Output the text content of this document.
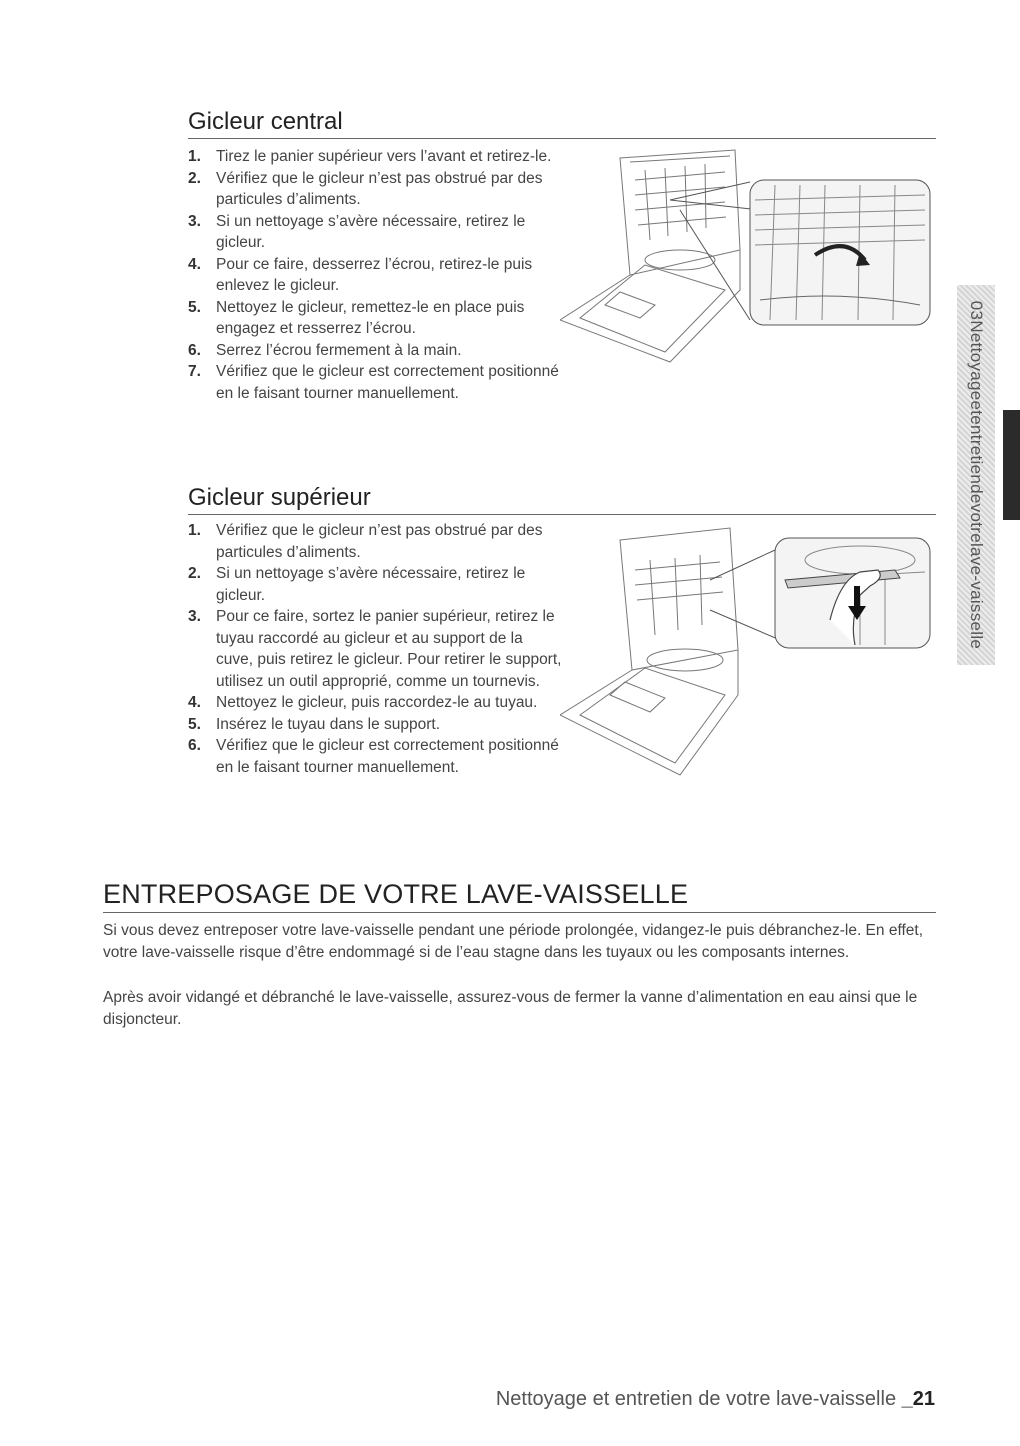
Gicleur central
1. Tirez le panier supérieur vers l’avant et retirez-le.
2. Vérifiez que le gicleur n’est pas obstrué par des particules d’aliments.
3. Si un nettoyage s’avère nécessaire, retirez le gicleur.
4. Pour ce faire, desserrez l’écrou, retirez-le puis enlevez le gicleur.
5. Nettoyez le gicleur, remettez-le en place puis engagez et resserrez l’écrou.
6. Serrez l’écrou fermement à la main.
7. Vérifiez que le gicleur est correctement positionné en le faisant tourner manuellement.
Gicleur supérieur
1. Vérifiez que le gicleur n’est pas obstrué par des particules d’aliments.
2. Si un nettoyage s’avère nécessaire, retirez le gicleur.
3. Pour ce faire, sortez le panier supérieur, retirez le tuyau raccordé au gicleur et au support de la cuve, puis retirez le gicleur. Pour retirer le support, utilisez un outil approprié, comme un tournevis.
4. Nettoyez le gicleur, puis raccordez-le au tuyau.
5. Insérez le tuyau dans le support.
6. Vérifiez que le gicleur est correctement positionné en le faisant tourner manuellement.
ENTREPOSAGE DE VOTRE LAVE-VAISSELLE

Si vous devez entreposer votre lave-vaisselle pendant une période prolongée, vidangez-le puis débranchez-le. En effet, votre lave-vaisselle risque d’être endommagé si de l’eau stagne dans les tuyaux ou les composants internes.

Après avoir vidangé et débranché le lave-vaisselle, assurez-vous de fermer la vanne d’alimentation en eau ainsi que le disjoncteur.

03Nettoyageetentretiendevotrelave-vaisselle
Nettoyage et entretien de votre lave-vaisselle _21
